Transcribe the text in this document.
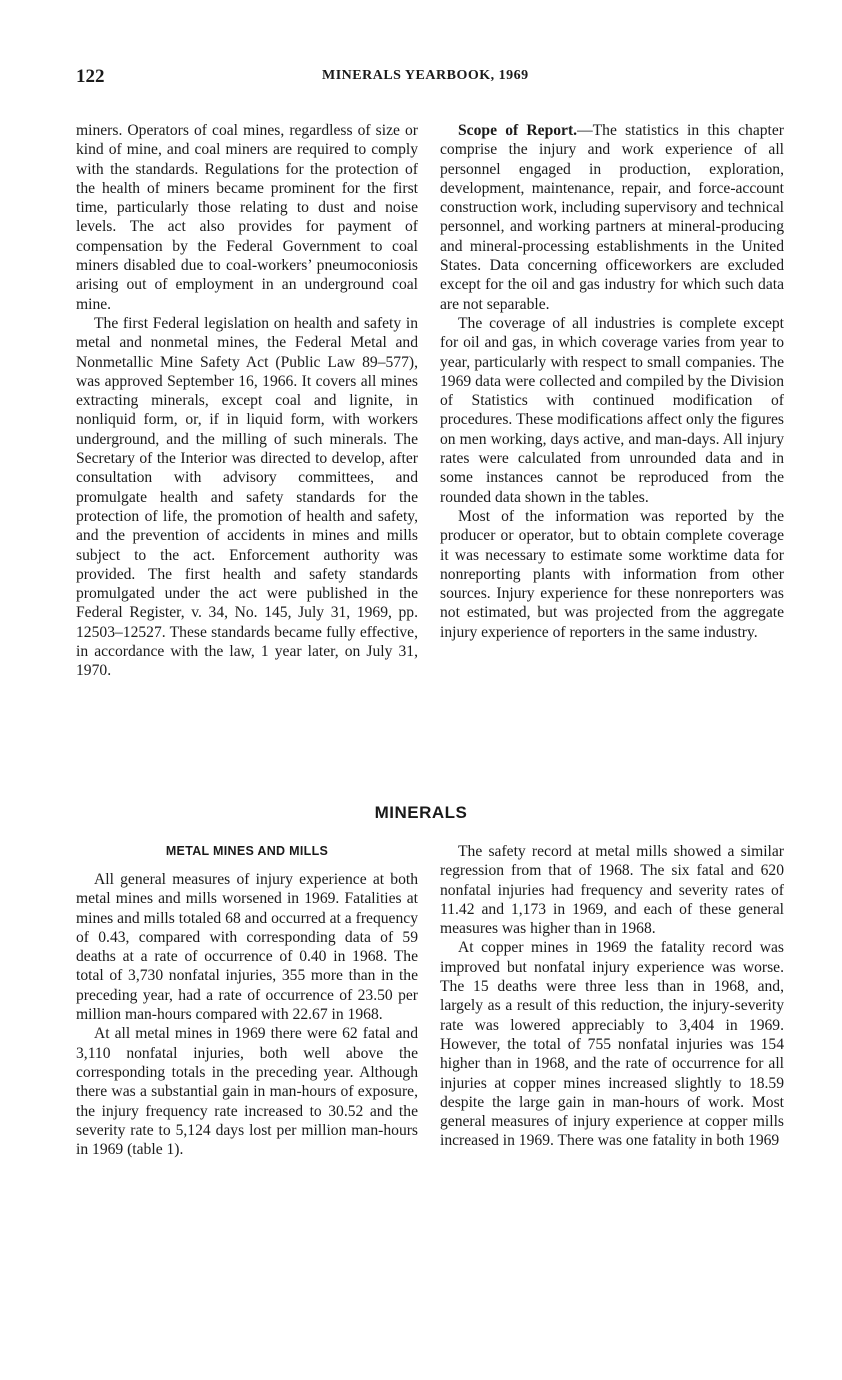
122	MINERALS YEARBOOK, 1969

miners. Operators of coal mines, regardless of size or kind of mine, and coal miners are required to comply with the standards. Regulations for the protection of the health of miners became prominent for the first time, particularly those relating to dust and noise levels. The act also provides for payment of compensation by the Federal Government to coal miners disabled due to coal-workers’ pneumoconiosis arising out of employment in an underground coal mine.

The first Federal legislation on health and safety in metal and nonmetal mines, the Federal Metal and Nonmetallic Mine Safety Act (Public Law 89–577), was approved September 16, 1966. It covers all mines extracting minerals, except coal and lignite, in nonliquid form, or, if in liquid form, with workers underground, and the milling of such minerals. The Secretary of the Interior was directed to develop, after consultation with advisory committees, and promulgate health and safety standards for the protection of life, the promotion of health and safety, and the prevention of accidents in mines and mills subject to the act. Enforcement authority was provided. The first health and safety standards promulgated under the act were published in the Federal Register, v. 34, No. 145, July 31, 1969, pp. 12503–12527. These standards became fully effective, in accordance with the law, 1 year later, on July 31, 1970.

Scope of Report.—The statistics in this chapter comprise the injury and work experience of all personnel engaged in production, exploration, development, maintenance, repair, and force-account construction work, including supervisory and technical personnel, and working partners at mineral-producing and mineral-processing establishments in the United States. Data concerning officeworkers are excluded except for the oil and gas industry for which such data are not separable.

The coverage of all industries is complete except for oil and gas, in which coverage varies from year to year, particularly with respect to small companies. The 1969 data were collected and compiled by the Division of Statistics with continued modification of procedures. These modifications affect only the figures on men working, days active, and man-days. All injury rates were calculated from unrounded data and in some instances cannot be reproduced from the rounded data shown in the tables.

Most of the information was reported by the producer or operator, but to obtain complete coverage it was necessary to estimate some worktime data for nonreporting plants with information from other sources. Injury experience for these nonreporters was not estimated, but was projected from the aggregate injury experience of reporters in the same industry.

MINERALS
METAL MINES AND MILLS

All general measures of injury experience at both metal mines and mills worsened in 1969. Fatalities at mines and mills totaled 68 and occurred at a frequency of 0.43, compared with corresponding data of 59 deaths at a rate of occurrence of 0.40 in 1968. The total of 3,730 nonfatal injuries, 355 more than in the preceding year, had a rate of occurrence of 23.50 per million man-hours compared with 22.67 in 1968.

At all metal mines in 1969 there were 62 fatal and 3,110 nonfatal injuries, both well above the corresponding totals in the preceding year. Although there was a substantial gain in man-hours of exposure, the injury frequency rate increased to 30.52 and the severity rate to 5,124 days lost per million man-hours in 1969 (table 1).

The safety record at metal mills showed a similar regression from that of 1968. The six fatal and 620 nonfatal injuries had frequency and severity rates of 11.42 and 1,173 in 1969, and each of these general measures was higher than in 1968.

At copper mines in 1969 the fatality record was improved but nonfatal injury experience was worse. The 15 deaths were three less than in 1968, and, largely as a result of this reduction, the injury-severity rate was lowered appreciably to 3,404 in 1969. However, the total of 755 nonfatal injuries was 154 higher than in 1968, and the rate of occurrence for all injuries at copper mines increased slightly to 18.59 despite the large gain in man-hours of work. Most general measures of injury experience at copper mills increased in 1969. There was one fatality in both 1969
